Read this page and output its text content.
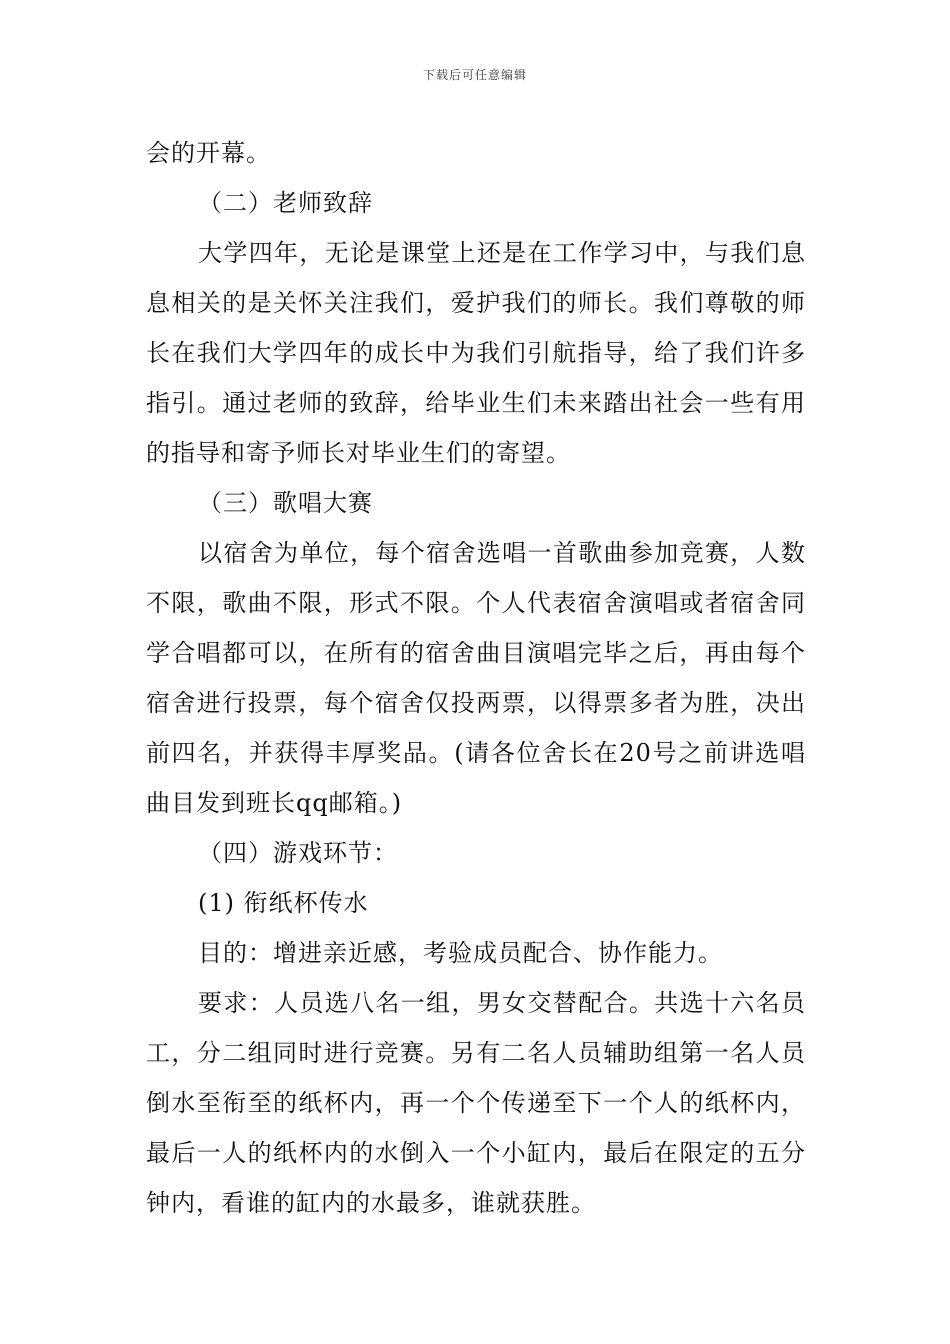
下载后可任意编辑

会的开幕。

（二）老师致辞

大学四年，无论是课堂上还是在工作学习中，与我们息息相关的是关怀关注我们，爱护我们的师长。我们尊敬的师长在我们大学四年的成长中为我们引航指导，给了我们许多指引。通过老师的致辞，给毕业生们未来踏出社会一些有用的指导和寄予师长对毕业生们的寄望。

（三）歌唱大赛

以宿舍为单位，每个宿舍选唱一首歌曲参加竞赛，人数不限，歌曲不限，形式不限。个人代表宿舍演唱或者宿舍同学合唱都可以，在所有的宿舍曲目演唱完毕之后，再由每个宿舍进行投票，每个宿舍仅投两票，以得票多者为胜，决出前四名，并获得丰厚奖品。(请各位舍长在20号之前讲选唱曲目发到班长qq邮箱。)

（四）游戏环节：

(1) 衔纸杯传水

目的：增进亲近感，考验成员配合、协作能力。

要求：人员选八名一组，男女交替配合。共选十六名员工，分二组同时进行竞赛。另有二名人员辅助组第一名人员倒水至衔至的纸杯内，再一个个传递至下一个人的纸杯内，最后一人的纸杯内的水倒入一个小缸内，最后在限定的五分钟内，看谁的缸内的水最多，谁就获胜。
